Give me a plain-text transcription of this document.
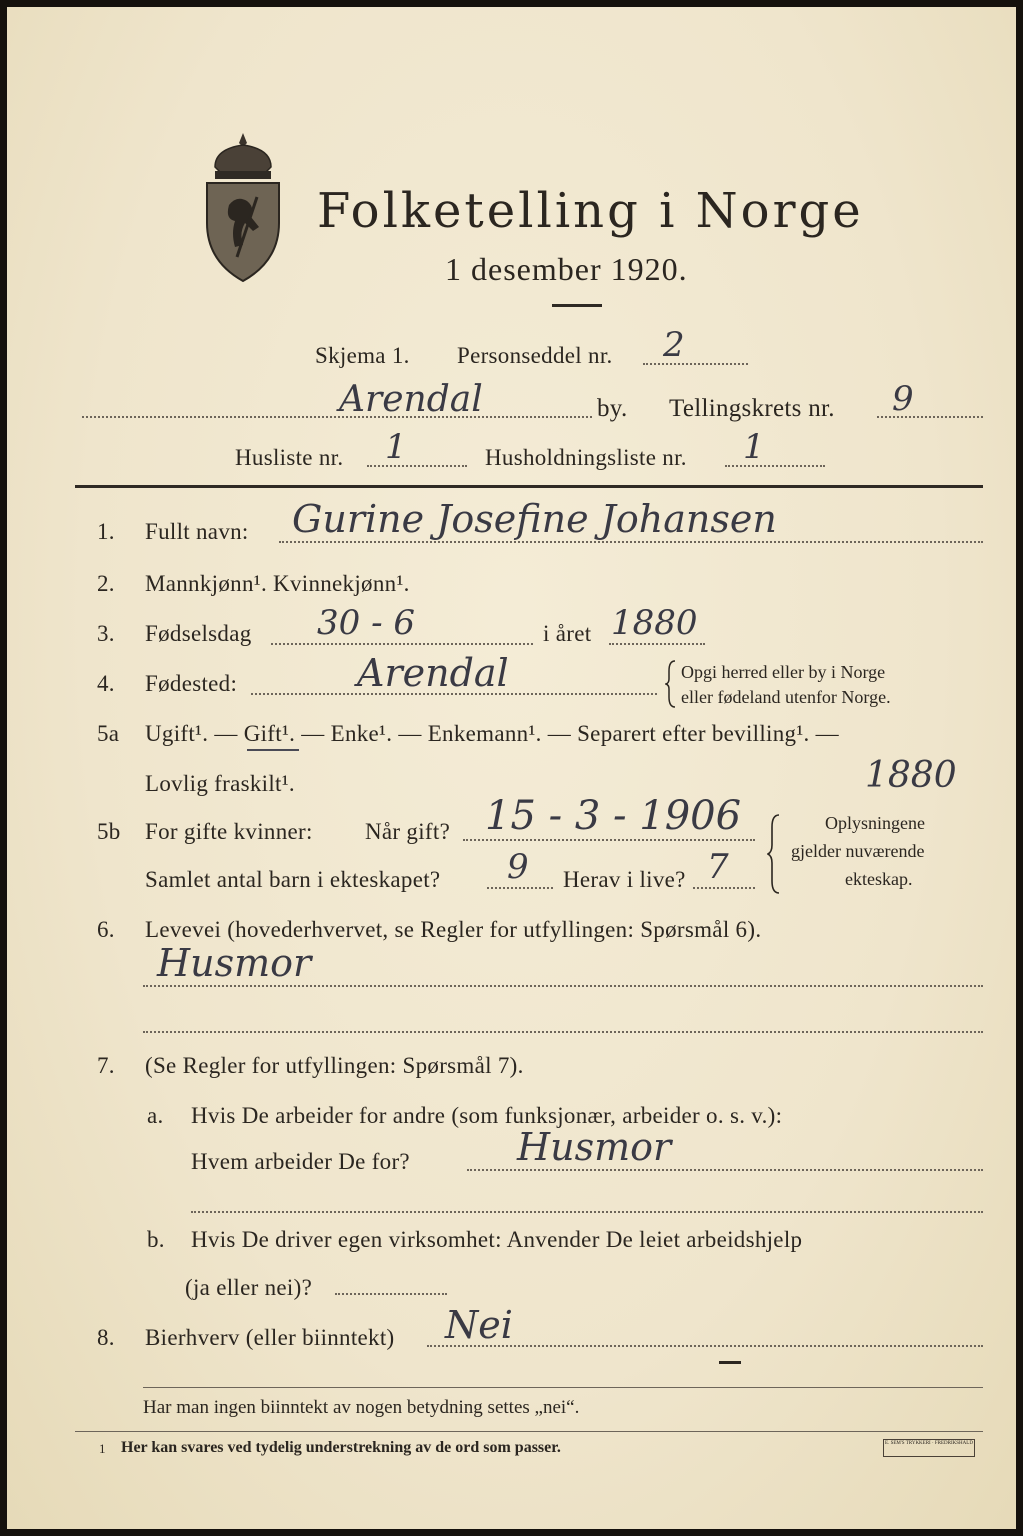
Folketelling i Norge
1 desember 1920.
Skjema 1. Personseddel nr. 2
Arendal	by. Tellingskrets nr. 9
Husliste nr. 1	Husholdningsliste nr. 1
1. Fullt navn: Gurine Josefine Johansen
2. Mannkjønn¹. Kvinnekjønn¹.
3. Fødselsdag 30 - 6	i året 1880
4. Fødested:	Arendal	Opgi herred eller by i Norge
eller fødeland utenfor Norge.
5a Ugift¹. — Gift¹. — Enke¹. — Enkemann¹. — Separert efter bevilling¹. —
Lovlig fraskilt¹.	1880
5b For gifte kvinner: Når gift? 15 - 3 - 1906
Samlet antal barn i ekteskapet? 9 Herav i live? 7
Oplysningene
gjelder nuværende
ekteskap.
6. Levevei (hovederhvervet, se Regler for utfyllingen: Spørsmål 6).
Husmor
7. (Se Regler for utfyllingen: Spørsmål 7).
a. Hvis De arbeider for andre (som funksjonær, arbeider o. s. v.):
Hvem arbeider De for?	Husmor
b. Hvis De driver egen virksomhet: Anvender De leiet arbeidshjelp
(ja eller nei)?
8. Bierhverv (eller biinntekt) Nei
Har man ingen biinntekt av nogen betydning settes „nei“.
1 Her kan svares ved tydelig understrekning av de ord som passer.	E. SEM'S TRYKKERI · FREDRIKSHALD
